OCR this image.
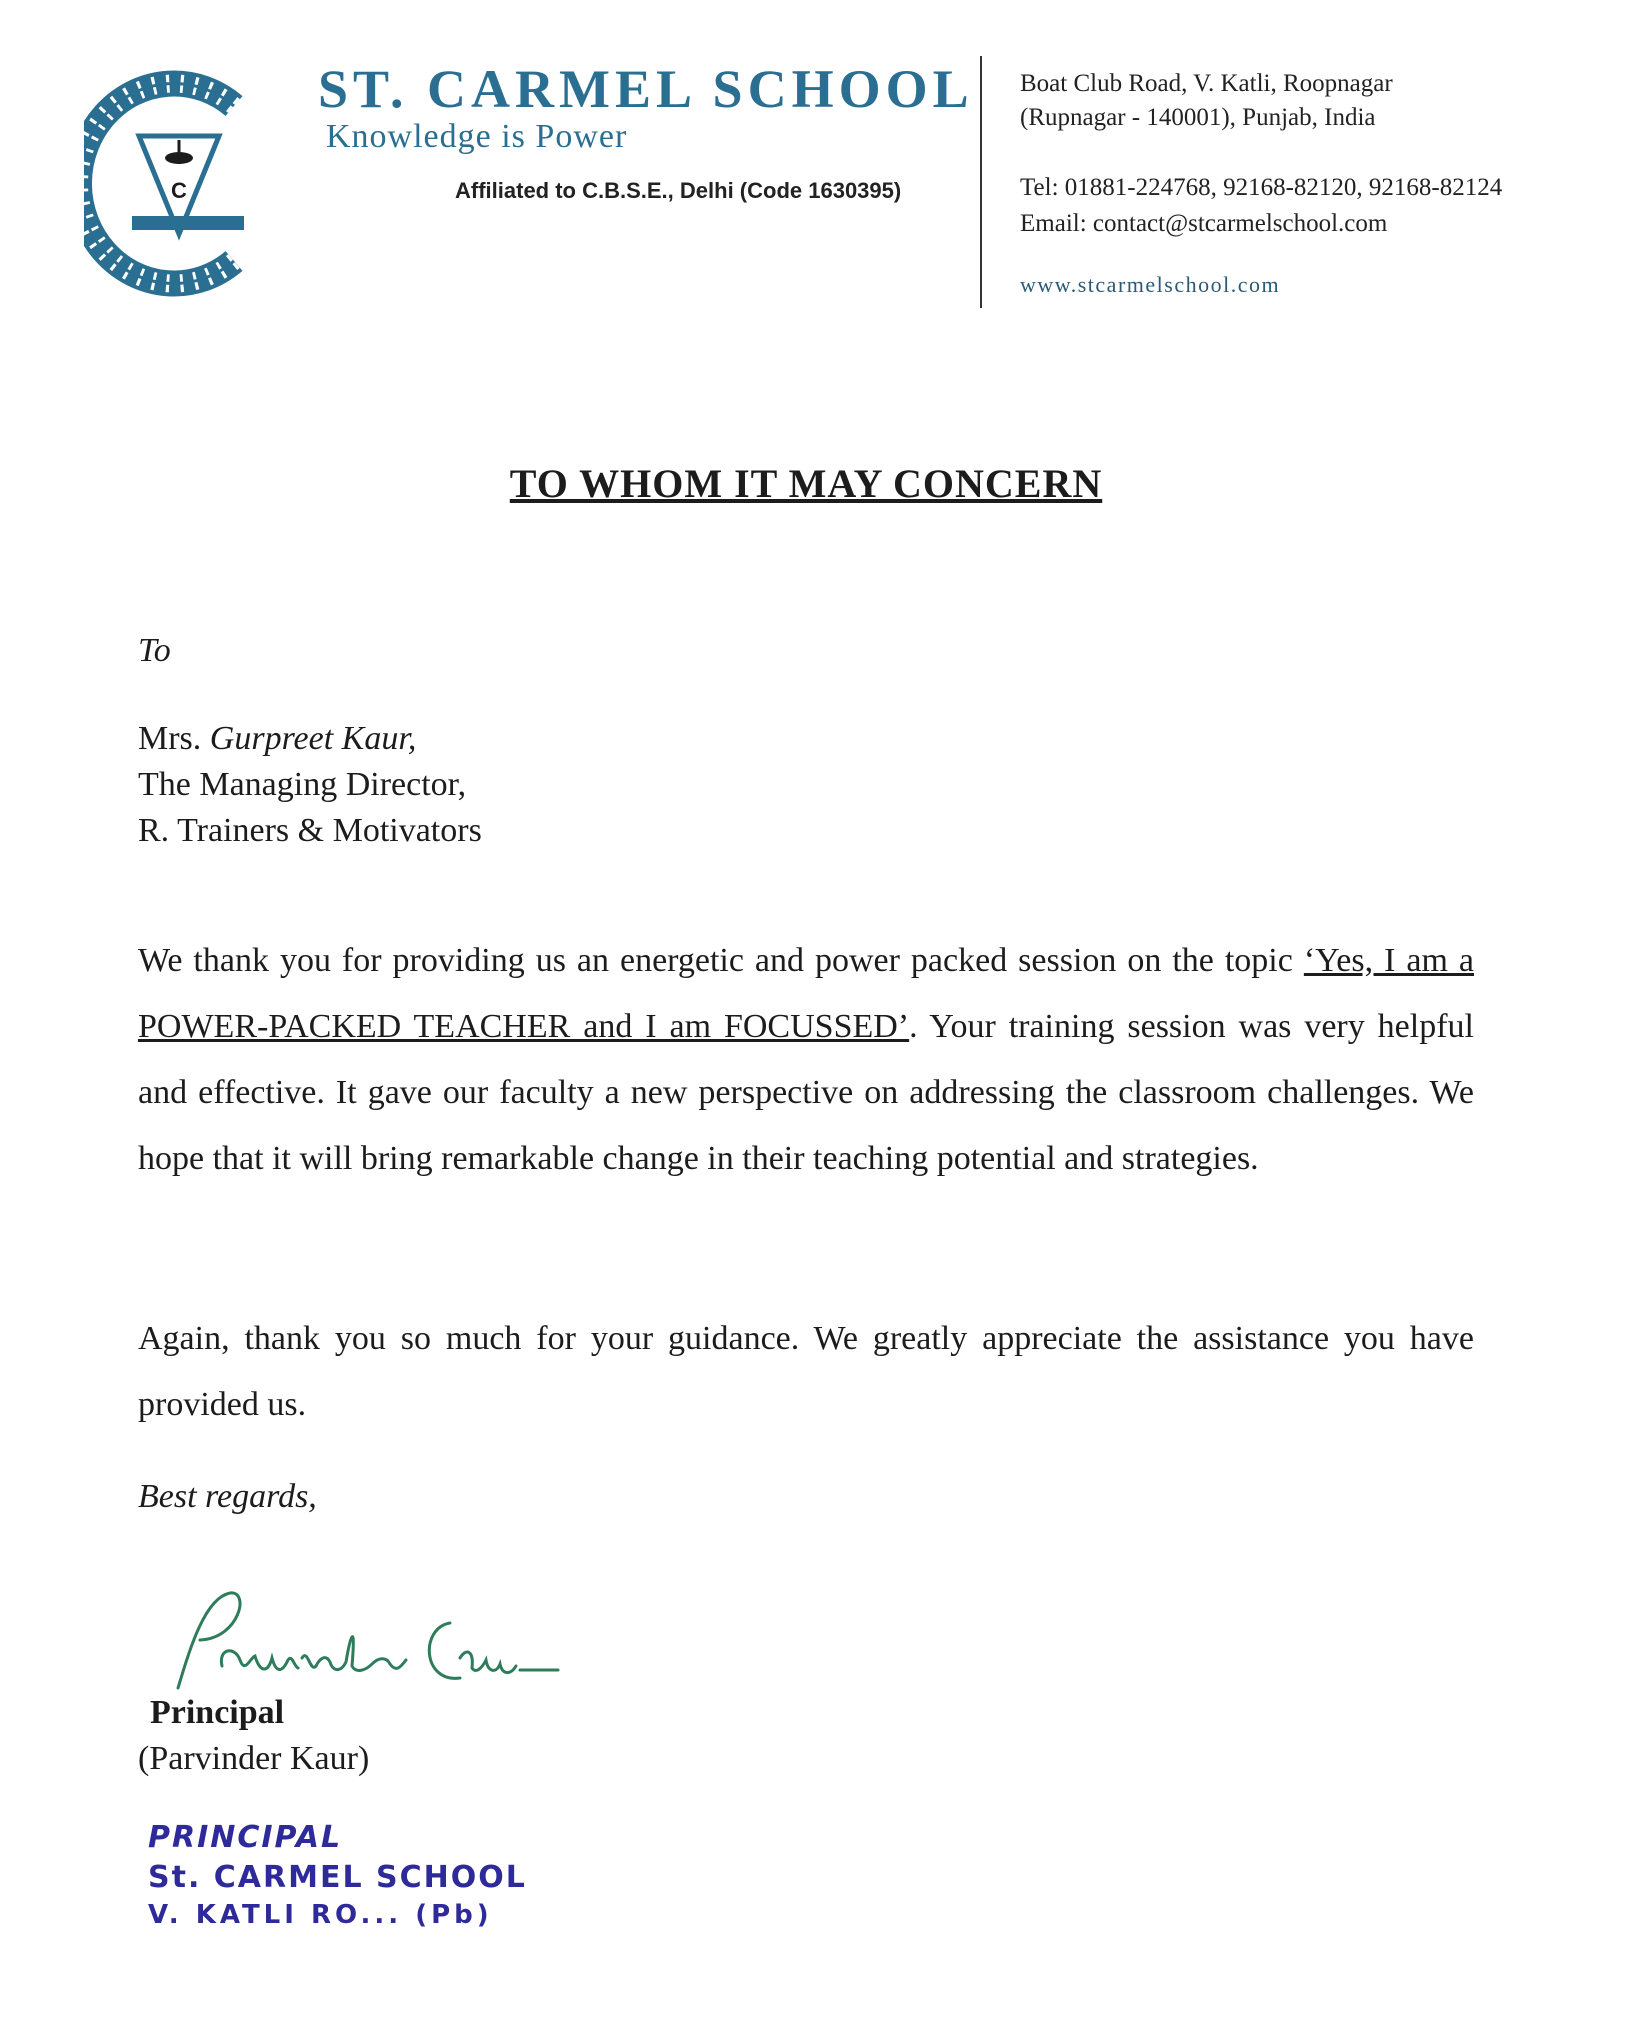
C
ST. CARMEL SCHOOL
Knowledge is Power
Affiliated to C.B.S.E., Delhi (Code 1630395)
Boat Club Road, V. Katli, Roopnagar
(Rupnagar - 140001), Punjab, India
Tel: 01881-224768, 92168-82120, 92168-82124
Email: contact@stcarmelschool.com
www.stcarmelschool.com
TO WHOM IT MAY CONCERN
To
Mrs. Gurpreet Kaur,
The Managing Director,
R. Trainers & Motivators
We thank you for providing us an energetic and power packed session on the topic ‘Yes, I am a POWER-PACKED TEACHER and I am FOCUSSED’. Your training session was very helpful and effective. It gave our faculty a new perspective on addressing the classroom challenges. We hope that it will bring remarkable change in their teaching potential and strategies.
Again, thank you so much for your guidance. We greatly appreciate the assistance you have provided us.
Best regards,
Principal
(Parvinder Kaur)
PRINCIPAL
St. CARMEL SCHOOL
V. KATLI RO... (Pb)
